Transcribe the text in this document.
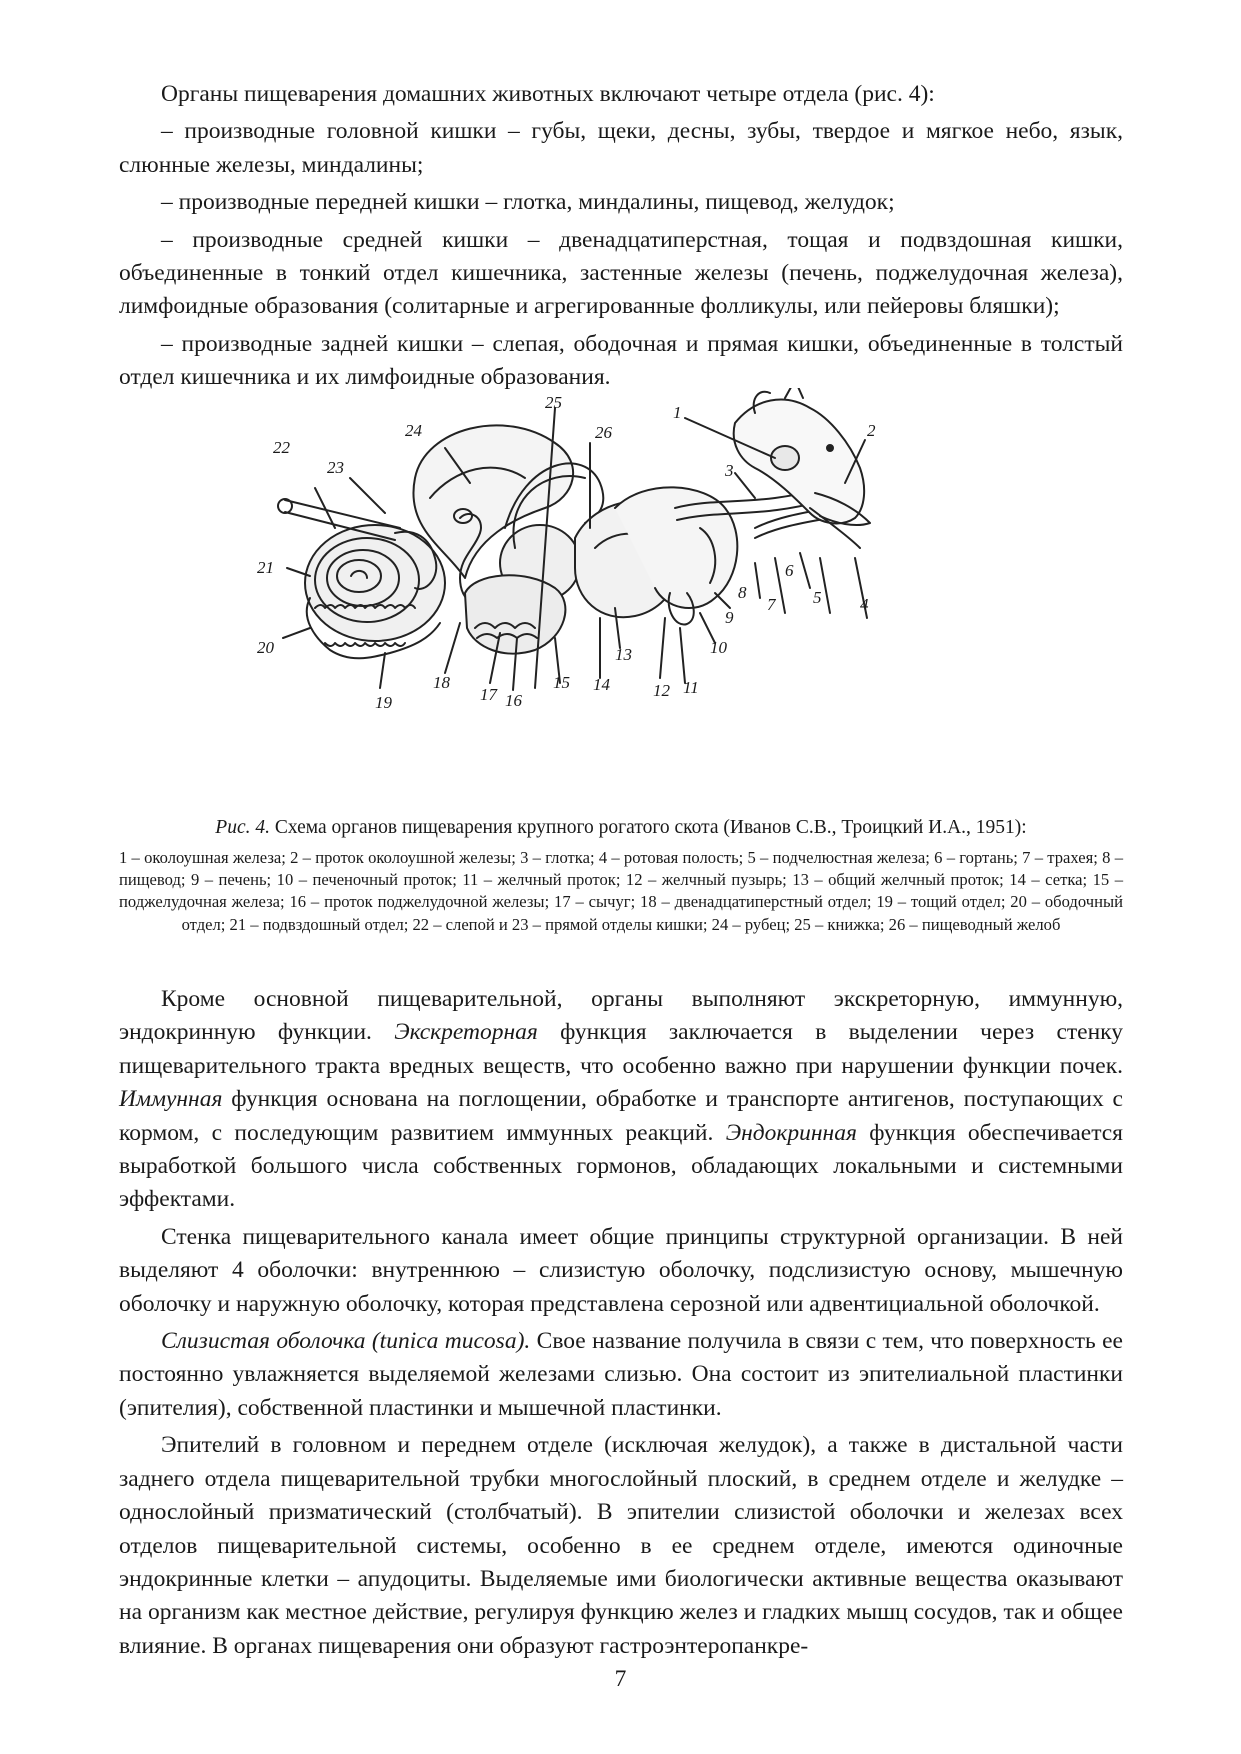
Органы пищеварения домашних животных включают четыре отдела (рис. 4):

– производные головной кишки – губы, щеки, десны, зубы, твердое и мягкое небо, язык, слюнные железы, миндалины;

– производные передней кишки – глотка, миндалины, пищевод, желудок;

– производные средней кишки – двенадцатиперстная, тощая и подвздошная кишки, объединенные в тонкий отдел кишечника, застенные железы (печень, поджелудочная железа), лимфоидные образования (солитарные и агрегированные фолликулы, или пейеровы бляшки);

– производные задней кишки – слепая, ободочная и прямая кишки, объединенные в толстый отдел кишечника и их лимфоидные образования.

24
25
26
1
2
3
23
22
21
20
19
18
17 16
15 14
13
12 11
10
9
8
7
6
5 4
Рис. 4. Схема органов пищеварения крупного рогатого скота (Иванов С.В., Троицкий И.А., 1951):
1 – околоушная железа; 2 – проток околоушной железы; 3 – глотка; 4 – ротовая полость; 5 – подчелюстная железа; 6 – гортань; 7 – трахея; 8 – пищевод; 9 – печень; 10 – печеночный проток; 11 – желчный проток; 12 – желчный пузырь; 13 – общий желчный проток; 14 – сетка; 15 – поджелудочная железа; 16 – проток поджелудочной железы; 17 – сычуг; 18 – двенадцатиперстный отдел; 19 – тощий отдел; 20 – ободочный отдел; 21 – подвздошный отдел; 22 – слепой и 23 – прямой отделы кишки; 24 – рубец; 25 – книжка; 26 – пищеводный желоб

Кроме основной пищеварительной, органы выполняют экскреторную, иммунную, эндокринную функции. Экскреторная функция заключается в выделении через стенку пищеварительного тракта вредных веществ, что особенно важно при нарушении функции почек. Иммунная функция основана на поглощении, обработке и транспорте антигенов, поступающих с кормом, с последующим развитием иммунных реакций. Эндокринная функция обеспечивается выработкой большого числа собственных гормонов, обладающих локальными и системными эффектами.

Стенка пищеварительного канала имеет общие принципы структурной организации. В ней выделяют 4 оболочки: внутреннюю – слизистую оболочку, подслизистую основу, мышечную оболочку и наружную оболочку, которая представлена серозной или адвентициальной оболочкой.

Слизистая оболочка (tunica mucosa). Свое название получила в связи с тем, что поверхность ее постоянно увлажняется выделяемой железами слизью. Она состоит из эпителиальной пластинки (эпителия), собственной пластинки и мышечной пластинки.

Эпителий в головном и переднем отделе (исключая желудок), а также в дистальной части заднего отдела пищеварительной трубки многослойный плоский, в среднем отделе и желудке – однослойный призматический (столбчатый). В эпителии слизистой оболочки и железах всех отделов пищеварительной системы, особенно в ее среднем отделе, имеются одиночные эндокринные клетки – апудоциты. Выделяемые ими биологически активные вещества оказывают на организм как местное действие, регулируя функцию желез и гладких мышц сосудов, так и общее влияние. В органах пищеварения они образуют гастроэнтеропанкре-

7
